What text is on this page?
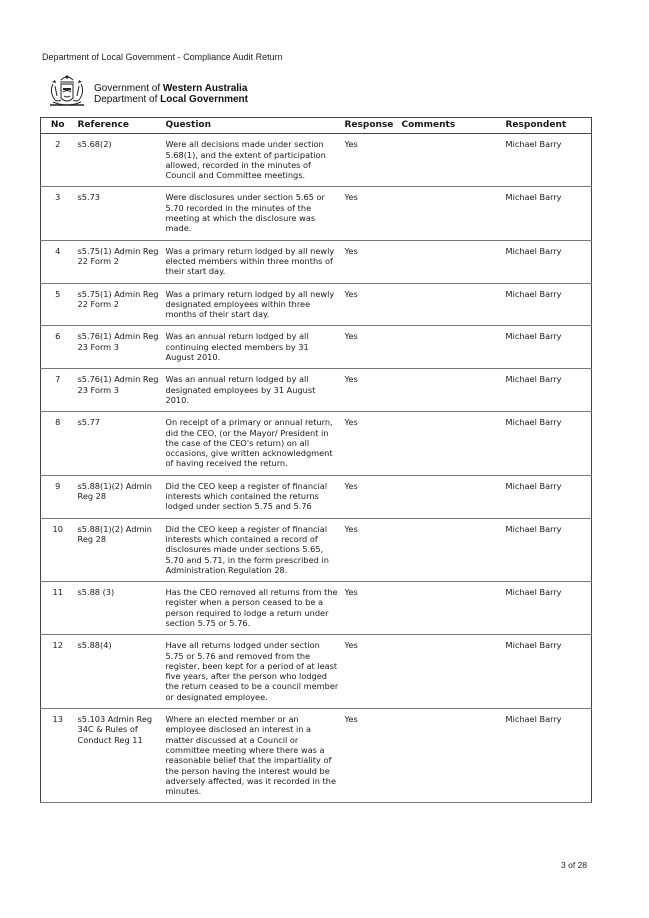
Department of Local Government - Compliance Audit Return
Government of Western Australia
Department of Local Government
No	Reference	Question	Response	Comments	Respondent
2	s5.68(2)	Were all decisions made under section 5.68(1), and the extent of participation allowed, recorded in the minutes of Council and Committee meetings.	Yes		Michael Barry
3	s5.73	Were disclosures under section 5.65 or 5.70 recorded in the minutes of the meeting at which the disclosure was made.	Yes		Michael Barry
4	s5.75(1) Admin Reg 22 Form 2	Was a primary return lodged by all newly elected members within three months of their start day.	Yes		Michael Barry
5	s5.75(1) Admin Reg 22 Form 2	Was a primary return lodged by all newly designated employees within three months of their start day.	Yes		Michael Barry
6	s5.76(1) Admin Reg 23 Form 3	Was an annual return lodged by all continuing elected members by 31 August 2010.	Yes		Michael Barry
7	s5.76(1) Admin Reg 23 Form 3	Was an annual return lodged by all designated employees by 31 August 2010.	Yes		Michael Barry
8	s5.77	On receipt of a primary or annual return, did the CEO, (or the Mayor/ President in the case of the CEO's return) on all occasions, give written acknowledgment of having received the return.	Yes		Michael Barry
9	s5.88(1)(2) Admin Reg 28	Did the CEO keep a register of financial interests which contained the returns lodged under section 5.75 and 5.76	Yes		Michael Barry
10	s5.88(1)(2) Admin Reg 28	Did the CEO keep a register of financial interests which contained a record of disclosures made under sections 5.65, 5.70 and 5.71, in the form prescribed in Administration Regulation 28.	Yes		Michael Barry
11	s5.88 (3)	Has the CEO removed all returns from the register when a person ceased to be a person required to lodge a return under section 5.75 or 5.76.	Yes		Michael Barry
12	s5.88(4)	Have all returns lodged under section 5.75 or 5.76 and removed from the register, been kept for a period of at least five years, after the person who lodged the return ceased to be a council member or designated employee.	Yes		Michael Barry
13	s5.103 Admin Reg 34C & Rules of Conduct Reg 11	Where an elected member or an employee disclosed an interest in a matter discussed at a Council or committee meeting where there was a reasonable belief that the impartiality of the person having the interest would be adversely affected, was it recorded in the minutes.	Yes		Michael Barry
3 of 28
